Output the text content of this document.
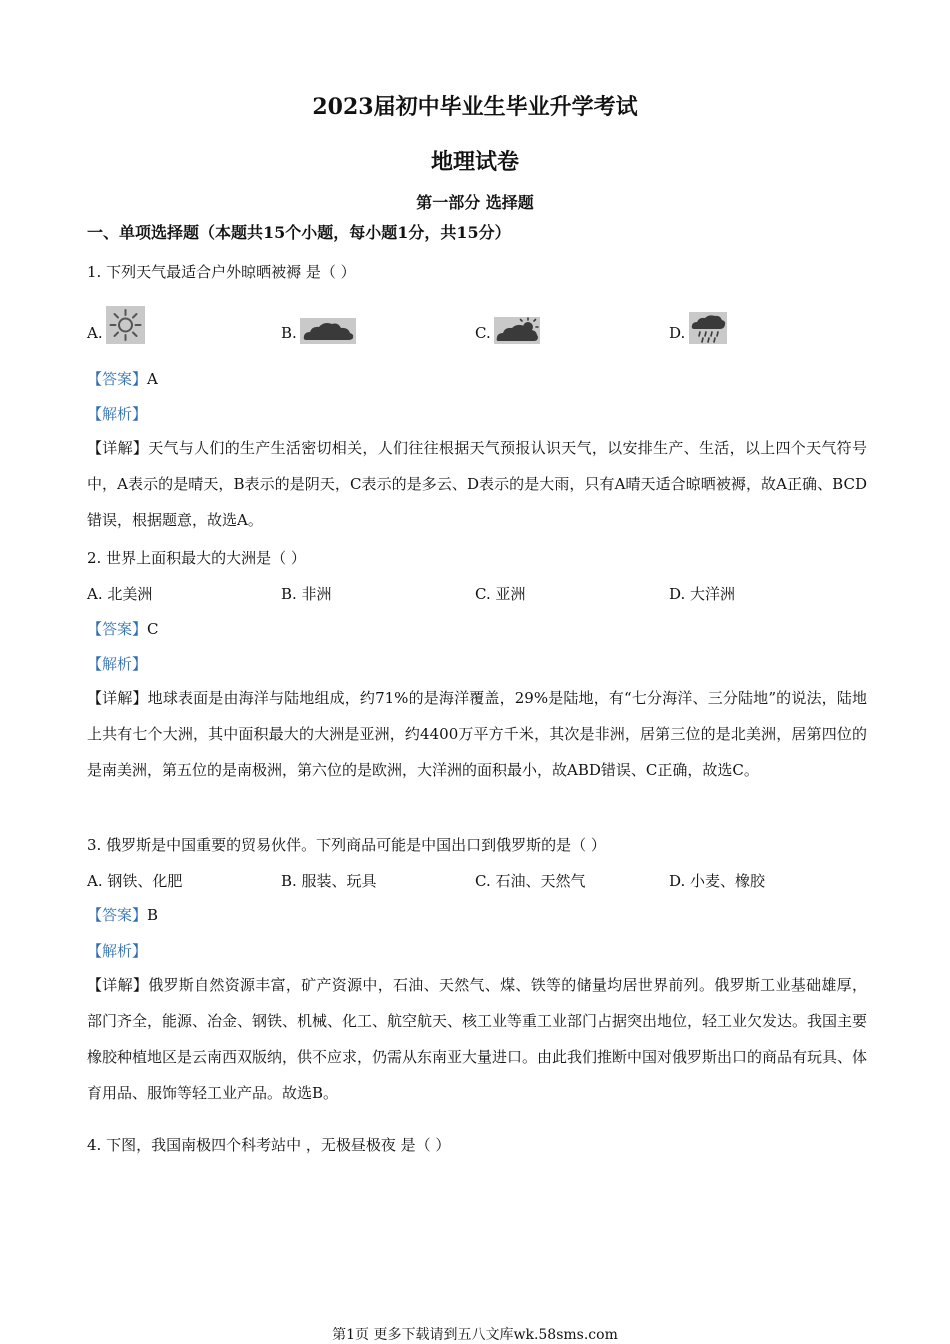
2023届初中毕业生毕业升学考试
地理试卷
第一部分 选择题
一、单项选择题（本题共15个小题，每小题1分，共15分）
1. 下列天气最适合户外晾晒被褥 是（ ）
A.	B.	C.	D.
【答案】A
【解析】
【详解】天气与人们的生产生活密切相关，人们往往根据天气预报认识天气，以安排生产、生活，以上四个天气符号中，A表示的是晴天，B表示的是阴天，C表示的是多云、D表示的是大雨，只有A晴天适合晾晒被褥，故A正确、BCD错误，根据题意，故选A。
2. 世界上面积最大的大洲是（ ）
A. 北美洲	B. 非洲	C. 亚洲	D. 大洋洲
【答案】C
【解析】
【详解】地球表面是由海洋与陆地组成，约71%的是海洋覆盖，29%是陆地，有“七分海洋、三分陆地”的说法，陆地上共有七个大洲，其中面积最大的大洲是亚洲，约4400万平方千米，其次是非洲，居第三位的是北美洲，居第四位的是南美洲，第五位的是南极洲，第六位的是欧洲，大洋洲的面积最小，故ABD错误、C正确，故选C。
3. 俄罗斯是中国重要的贸易伙伴。下列商品可能是中国出口到俄罗斯的是（ ）
A. 钢铁、化肥	B. 服装、玩具	C. 石油、天然气	D. 小麦、橡胶
【答案】B
【解析】
【详解】俄罗斯自然资源丰富，矿产资源中，石油、天然气、煤、铁等的储量均居世界前列。俄罗斯工业基础雄厚，部门齐全，能源、冶金、钢铁、机械、化工、航空航天、核工业等重工业部门占据突出地位，轻工业欠发达。我国主要橡胶种植地区是云南西双版纳，供不应求，仍需从东南亚大量进口。由此我们推断中国对俄罗斯出口的商品有玩具、体育用品、服饰等轻工业产品。故选B。
4. 下图，我国南极四个科考站中 ，无极昼极夜 是（ ）
第1页 更多下载请到五八文库wk.58sms.com
